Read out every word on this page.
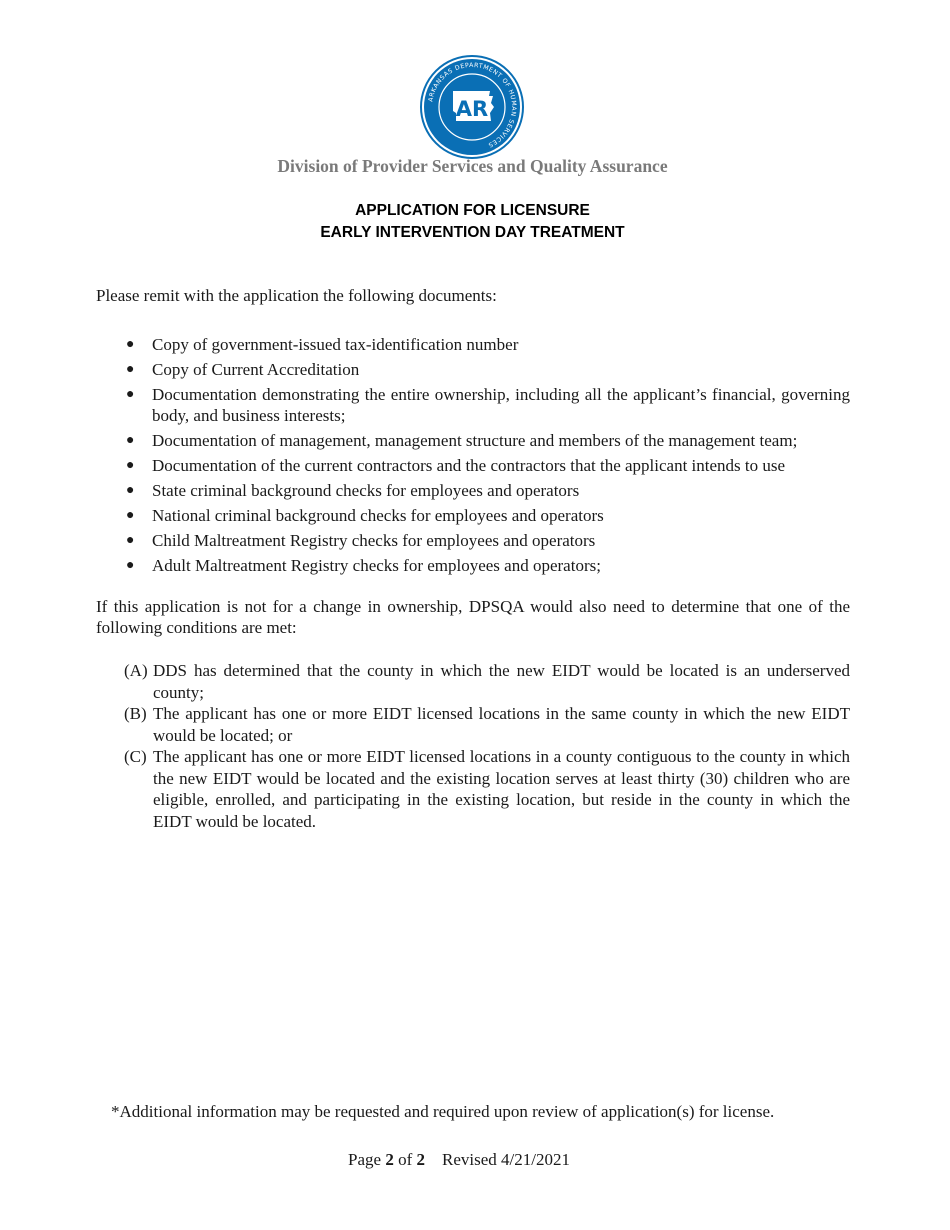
ARKANSAS DEPARTMENT OF HUMAN SERVICES
AR
Division of Provider Services and Quality Assurance
APPLICATION FOR LICENSURE
EARLY INTERVENTION DAY TREATMENT
Please remit with the application the following documents:
● Copy of government-issued tax-identification number
● Copy of Current Accreditation
● Documentation demonstrating the entire ownership, including all the applicant’s financial, governing body, and business interests;
● Documentation of management, management structure and members of the management team;
● Documentation of the current contractors and the contractors that the applicant intends to use
● State criminal background checks for employees and operators
● National criminal background checks for employees and operators
● Child Maltreatment Registry checks for employees and operators
● Adult Maltreatment Registry checks for employees and operators;
If this application is not for a change in ownership, DPSQA would also need to determine that one of the following conditions are met:
(A) DDS has determined that the county in which the new EIDT would be located is an underserved county;
(B) The applicant has one or more EIDT licensed locations in the same county in which the new EIDT would be located; or
(C) The applicant has one or more EIDT licensed locations in a county contiguous to the county in which the new EIDT would be located and the existing location serves at least thirty (30) children who are eligible, enrolled, and participating in the existing location, but reside in the county in which the EIDT would be located.
*Additional information may be requested and required upon review of application(s) for license.
Page 2 of 2 Revised 4/21/2021
